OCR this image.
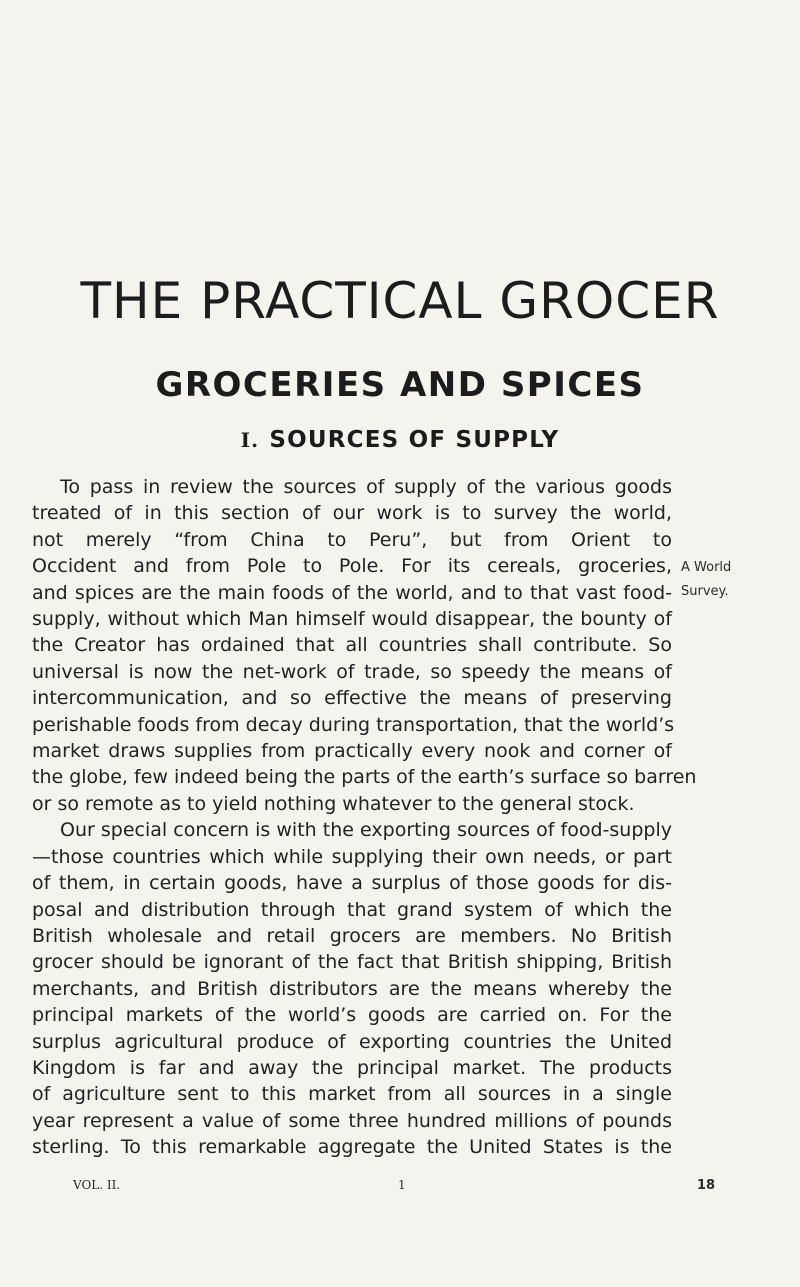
THE PRACTICAL GROCER
GROCERIES AND SPICES
I. SOURCES OF SUPPLY
To pass in review the sources of supply of the various goods
treated of in this section of our work is to survey the world,
not merely “from China to Peru”, but from Orient to
Occident and from Pole to Pole. For its cereals, groceries,
and spices are the main foods of the world, and to that vast food-
supply, without which Man himself would disappear, the bounty of
the Creator has ordained that all countries shall contribute. So
universal is now the net-work of trade, so speedy the means of
intercommunication, and so effective the means of preserving
perishable foods from decay during transportation, that the world’s
market draws supplies from practically every nook and corner of
the globe, few indeed being the parts of the earth’s surface so barren
or so remote as to yield nothing whatever to the general stock.
Our special concern is with the exporting sources of food-supply
—those countries which while supplying their own needs, or part
of them, in certain goods, have a surplus of those goods for dis-
posal and distribution through that grand system of which the
British wholesale and retail grocers are members. No British
grocer should be ignorant of the fact that British shipping, British
merchants, and British distributors are the means whereby the
principal markets of the world’s goods are carried on. For the
surplus agricultural produce of exporting countries the United
Kingdom is far and away the principal market. The products
of agriculture sent to this market from all sources in a single
year represent a value of some three hundred millions of pounds
sterling. To this remarkable aggregate the United States is the
A World
Survey.
VOL. II.	1	18
